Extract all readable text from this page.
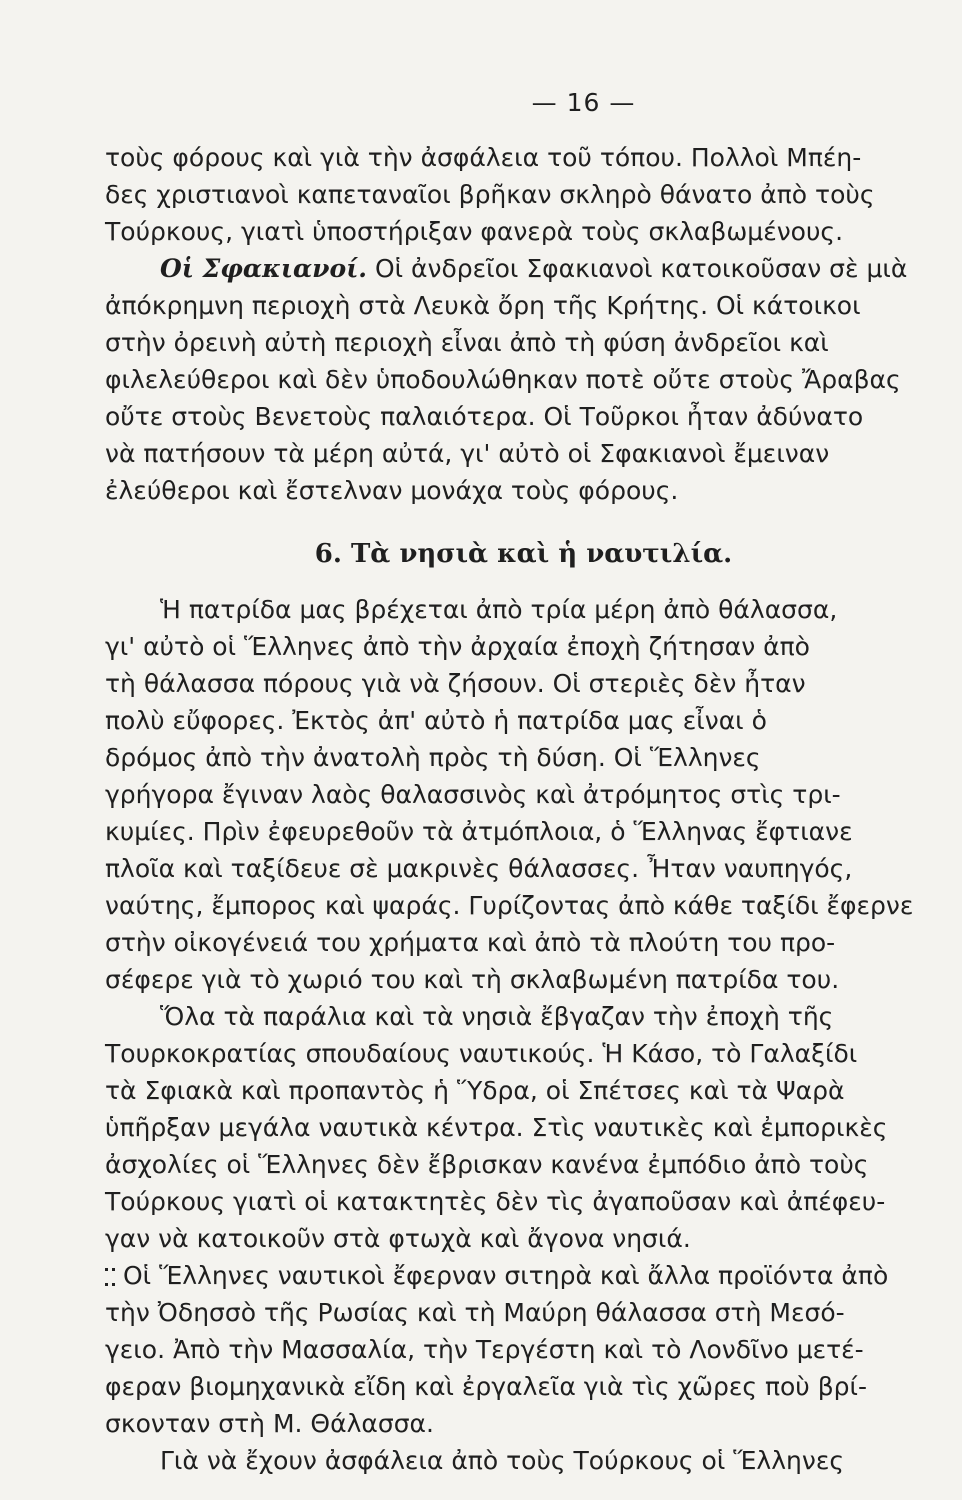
— 16 —

τοὺς φόρους καὶ γιὰ τὴν ἀσφάλεια τοῦ τόπου. Πολλοὶ Μπέη-
δες χριστιανοὶ καπεταναῖοι βρῆκαν σκληρὸ θάνατο ἀπὸ τοὺς
Τούρκους, γιατὶ ὑποστήριξαν φανερὰ τοὺς σκλαβωμένους.

Οἱ Σφακιανοί. Οἱ ἀνδρεῖοι Σφακιανοὶ κατοικοῦσαν σὲ μιὰ
ἀπόκρημνη περιοχὴ στὰ Λευκὰ ὄρη τῆς Κρήτης. Οἱ κάτοικοι
στὴν ὀρεινὴ αὐτὴ περιοχὴ εἶναι ἀπὸ τὴ φύση ἀνδρεῖοι καὶ
φιλελεύθεροι καὶ δὲν ὑποδουλώθηκαν ποτὲ οὔτε στοὺς Ἄραβας
οὔτε στοὺς Βενετοὺς παλαιότερα. Οἱ Τοῦρκοι ἦταν ἀδύνατο
νὰ πατήσουν τὰ μέρη αὐτά, γι' αὐτὸ οἱ Σφακιανοὶ ἔμειναν
ἐλεύθεροι καὶ ἔστελναν μονάχα τοὺς φόρους.

6. Τὰ νησιὰ καὶ ἡ ναυτιλία.

Ἡ πατρίδα μας βρέχεται ἀπὸ τρία μέρη ἀπὸ θάλασσα,
γι' αὐτὸ οἱ Ἕλληνες ἀπὸ τὴν ἀρχαία ἐποχὴ ζήτησαν ἀπὸ
τὴ θάλασσα πόρους γιὰ νὰ ζήσουν. Οἱ στεριὲς δὲν ἦταν
πολὺ εὔφορες. Ἐκτὸς ἀπ' αὐτὸ ἡ πατρίδα μας εἶναι ὁ
δρόμος ἀπὸ τὴν ἀνατολὴ πρὸς τὴ δύση. Οἱ Ἕλληνες
γρήγορα ἔγιναν λαὸς θαλασσινὸς καὶ ἀτρόμητος στὶς τρι-
κυμίες. Πρὶν ἐφευρεθοῦν τὰ ἀτμόπλοια, ὁ Ἕλληνας ἔφτιανε
πλοῖα καὶ ταξίδευε σὲ μακρινὲς θάλασσες. Ἦταν ναυπηγός,
ναύτης, ἔμπορος καὶ ψαράς. Γυρίζοντας ἀπὸ κάθε ταξίδι ἔφερνε
στὴν οἰκογένειά του χρήματα καὶ ἀπὸ τὰ πλούτη του προ-
σέφερε γιὰ τὸ χωριό του καὶ τὴ σκλαβωμένη πατρίδα του.

Ὅλα τὰ παράλια καὶ τὰ νησιὰ ἔβγαζαν τὴν ἐποχὴ τῆς
Τουρκοκρατίας σπουδαίους ναυτικούς. Ἡ Κάσο, τὸ Γαλαξίδι
τὰ Σφιακὰ καὶ προπαντὸς ἡ Ὕδρα, οἱ Σπέτσες καὶ τὰ Ψαρὰ
ὑπῆρξαν μεγάλα ναυτικὰ κέντρα. Στὶς ναυτικὲς καὶ ἐμπορικὲς
ἀσχολίες οἱ Ἕλληνες δὲν ἔβρισκαν κανένα ἐμπόδιο ἀπὸ τοὺς
Τούρκους γιατὶ οἱ κατακτητὲς δὲν τὶς ἀγαποῦσαν καὶ ἀπέφευ-
γαν νὰ κατοικοῦν στὰ φτωχὰ καὶ ἄγονα νησιά.

Οἱ Ἕλληνες ναυτικοὶ ἔφερναν σιτηρὰ καὶ ἄλλα προϊόντα ἀπὸ
τὴν Ὀδησσὸ τῆς Ρωσίας καὶ τὴ Μαύρη θάλασσα στὴ Μεσό-
γειο. Ἀπὸ τὴν Μασσαλία, τὴν Τεργέστη καὶ τὸ Λονδῖνο μετέ-
φεραν βιομηχανικὰ εἴδη καὶ ἐργαλεῖα γιὰ τὶς χῶρες ποὺ βρί-
σκονταν στὴ Μ. Θάλασσα.

Γιὰ νὰ ἔχουν ἀσφάλεια ἀπὸ τοὺς Τούρκους οἱ Ἕλληνες
